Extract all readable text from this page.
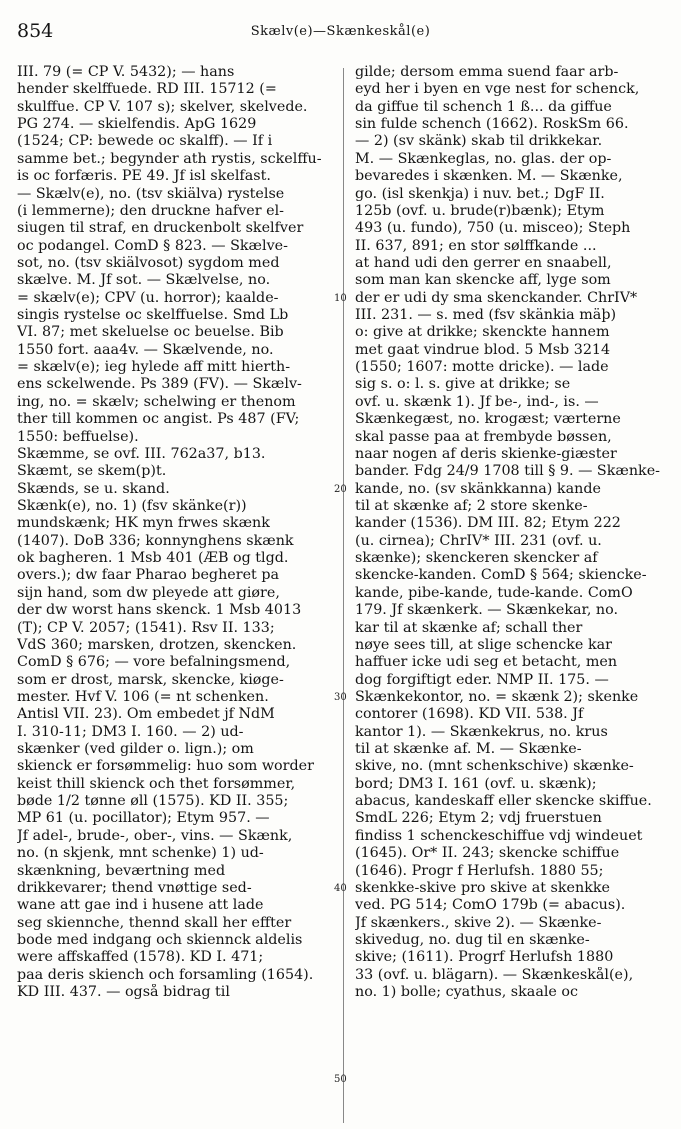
854	Skælv(e)—Skænkeskål(e)
III. 79 (= CP V. 5432); — hans
hender skelffuede. RD III. 15712 (=
skulffue. CP V. 107 s); skelver, skelvede.
PG 274. — skielfendis. ApG 1629
(1524; CP: bewede oc skalff). — If i
samme bet.; begynder ath rystis, sckelffu-
is oc forfæris. PE 49. Jf isl skelfast.
— Skælv(e), no. (tsv skiälva) rystelse
(i lemmerne); den druckne hafver el-
siugen til straf, en druckenbolt skelfver
oc podangel. ComD § 823. — Skælve-
sot, no. (tsv skiälvosot) sygdom med
skælve. M. Jf sot. — Skælvelse, no.
= skælv(e); CPV (u. horror); kaalde-
singis rystelse oc skelffuelse. Smd Lb
VI. 87; met skeluelse oc beuelse. Bib
1550 fort. aaa4v. — Skælvende, no.
= skælv(e); ieg hylede aff mitt hierth-
ens sckelwende. Ps 389 (FV). — Skælv-
ing, no. = skælv; schelwing er thenom
ther till kommen oc angist. Ps 487 (FV;
1550: beffuelse).
Skæmme, se ovf. III. 762a37, b13.
Skæmt, se skem(p)t.
Skænds, se u. skand.
Skænk(e), no. 1) (fsv skänke(r))
mundskænk; HK myn frwes skænk
(1407). DoB 336; konnynghens skænk
ok bagheren. 1 Msb 401 (ÆB og tlgd.
overs.); dw faar Pharao begheret pa
sijn hand, som dw pleyede att giøre,
der dw worst hans skenck. 1 Msb 4013
(T); CP V. 2057; (1541). Rsv II. 133;
VdS 360; marsken, drotzen, skencken.
ComD § 676; — vore befalningsmend,
som er drost, marsk, skencke, kiøge-
mester. Hvf V. 106 (= nt schenken.
Antisl VII. 23). Om embedet jf NdM
I. 310-11; DM3 I. 160. — 2) ud-
skænker (ved gilder o. lign.); om
skienck er forsømmelig: huo som worder
keist thill skienck och thet forsømmer,
bøde 1/2 tønne øll (1575). KD II. 355;
MP 61 (u. pocillator); Etym 957. —
Jf adel-, brude-, ober-, vins. — Skænk,
no. (n skjenk, mnt schenke) 1) ud-
skænkning, beværtning med
drikkevarer; thend vnøttige sed-
wane att gae ind i husene att lade
seg skiennche, thennd skall her effter
bode med indgang och skiennck aldelis
were affskaffed (1578). KD I. 471;
paa deris skiench och forsamling (1654).
KD III. 437. — også bidrag til
10
20
30
40
50
gilde; dersom emma suend faar arb-
eyd her i byen en vge nest for schenck,
da giffue til schench 1 ß... da giffue
sin fulde schench (1662). RoskSm 66.
— 2) (sv skänk) skab til drikkekar.
M. — Skænkeglas, no. glas. der op-
bevaredes i skænken. M. — Skænke,
go. (isl skenkja) i nuv. bet.; DgF II.
125b (ovf. u. brude(r)bænk); Etym
493 (u. fundo), 750 (u. misceo); Steph
II. 637, 891; en stor sølffkande ...
at hand udi den gerrer en snaabell,
som man kan skencke aff, lyge som
der er udi dy sma skenckander. ChrIV*
III. 231. — s. med (fsv skänkia mäþ)
o: give at drikke; skenckte hannem
met gaat vindrue blod. 5 Msb 3214
(1550; 1607: motte dricke). — lade
sig s. o: l. s. give at drikke; se
ovf. u. skænk 1). Jf be-, ind-, is. —
Skænkegæst, no. krogæst; værterne
skal passe paa at frembyde bøssen,
naar nogen af deris skienke-giæster
bander. Fdg 24/9 1708 till § 9. — Skænke-
kande, no. (sv skänkkanna) kande
til at skænke af; 2 store skenke-
kander (1536). DM III. 82; Etym 222
(u. cirnea); ChrIV* III. 231 (ovf. u.
skænke); skenckeren skencker af
skencke-kanden. ComD § 564; skiencke-
kande, pibe-kande, tude-kande. ComO
179. Jf skænkerk. — Skænkekar, no.
kar til at skænke af; schall ther
nøye sees till, at slige schencke kar
haffuer icke udi seg et betacht, men
dog forgiftigt eder. NMP II. 175. —
Skænkekontor, no. = skænk 2); skenke
contorer (1698). KD VII. 538. Jf
kantor 1). — Skænkekrus, no. krus
til at skænke af. M. — Skænke-
skive, no. (mnt schenkschive) skænke-
bord; DM3 I. 161 (ovf. u. skænk);
abacus, kandeskaff eller skencke skiffue.
SmdL 226; Etym 2; vdj fruerstuen
findiss 1 schenckeschiffue vdj windeuet
(1645). Or* II. 243; skencke schiffue
(1646). Progr f Herlufsh. 1880 55;
skenkke-skive pro skive at skenkke
ved. PG 514; ComO 179b (= abacus).
Jf skænkers., skive 2). — Skænke-
skivedug, no. dug til en skænke-
skive; (1611). Progrf Herlufsh 1880
33 (ovf. u. blägarn). — Skænkeskål(e),
no. 1) bolle; cyathus, skaale oc
